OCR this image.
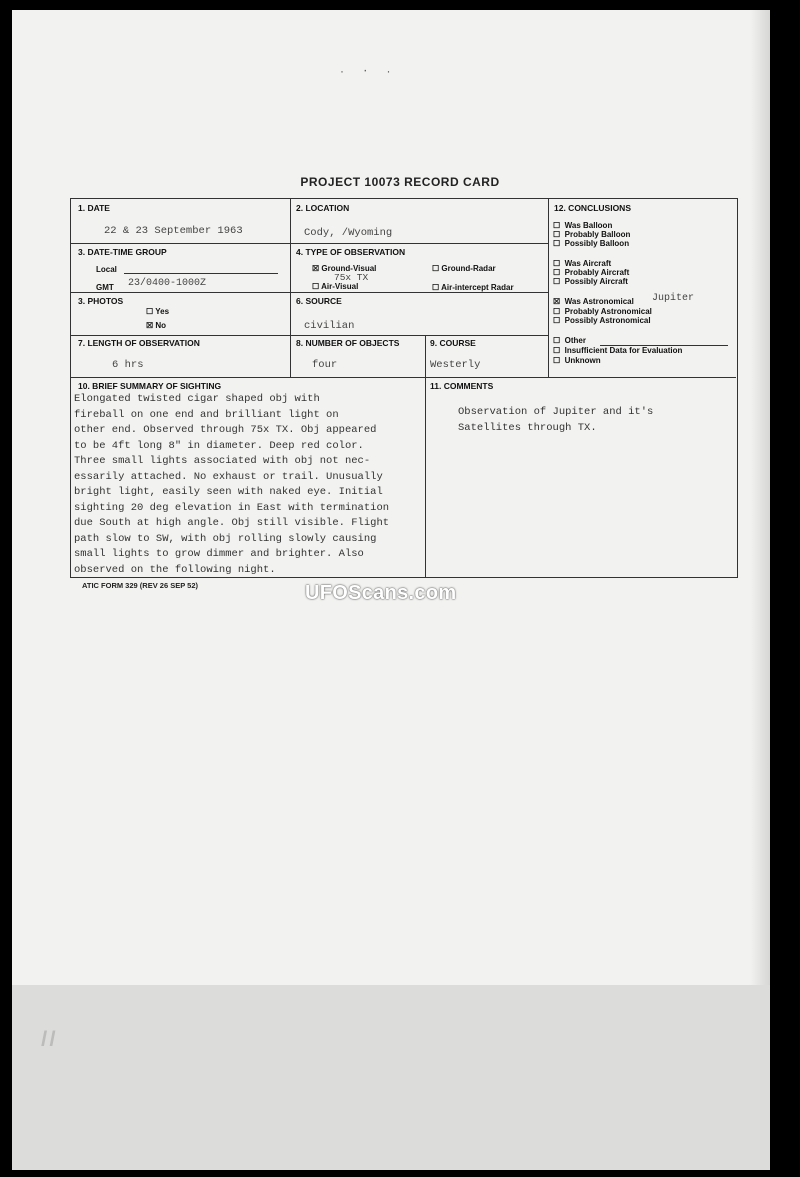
· ‧ ·
PROJECT 10073 RECORD CARD
1. DATE
22 & 23 September 1963
2. LOCATION
Cody, /Wyoming
3. DATE-TIME GROUP
Local
GMT 23/0400-1000Z
4. TYPE OF OBSERVATION
☒ Ground-Visual
75x TX
☐ Ground-Radar
☐ Air-Visual	☐ Air-intercept Radar
3. PHOTOS
☐ Yes
☒ No
6. SOURCE
civilian
7. LENGTH OF OBSERVATION
6 hrs
8. NUMBER OF OBJECTS
four
9. COURSE
Westerly
12. CONCLUSIONS
☐  Was Balloon
☐  Probably Balloon
☐  Possibly Balloon
☐  Was Aircraft
☐  Probably Aircraft
☐  Possibly Aircraft
☒  Was Astronomical Jupiter
☐  Probably Astronomical
☐  Possibly Astronomical
☐  Other
☐  Insufficient Data for Evaluation
☐  Unknown
10. BRIEF SUMMARY OF SIGHTING
Elongated twisted cigar shaped obj with
fireball on one end and brilliant light on
other end. Observed through 75x TX. Obj appeared
to be 4ft long 8" in diameter. Deep red color.
Three small lights associated with obj not nec-
essarily attached. No exhaust or trail. Unusually
bright light, easily seen with naked eye. Initial
sighting 20 deg elevation in East with termination
due South at high angle. Obj still visible. Flight
path slow to SW, with obj rolling slowly causing
small lights to grow dimmer and brighter. Also
observed on the following night.
11. COMMENTS
Observation of Jupiter and it's
Satellites through TX.
ATIC FORM 329 (REV 26 SEP 52)	UFOScans.com
ıı
